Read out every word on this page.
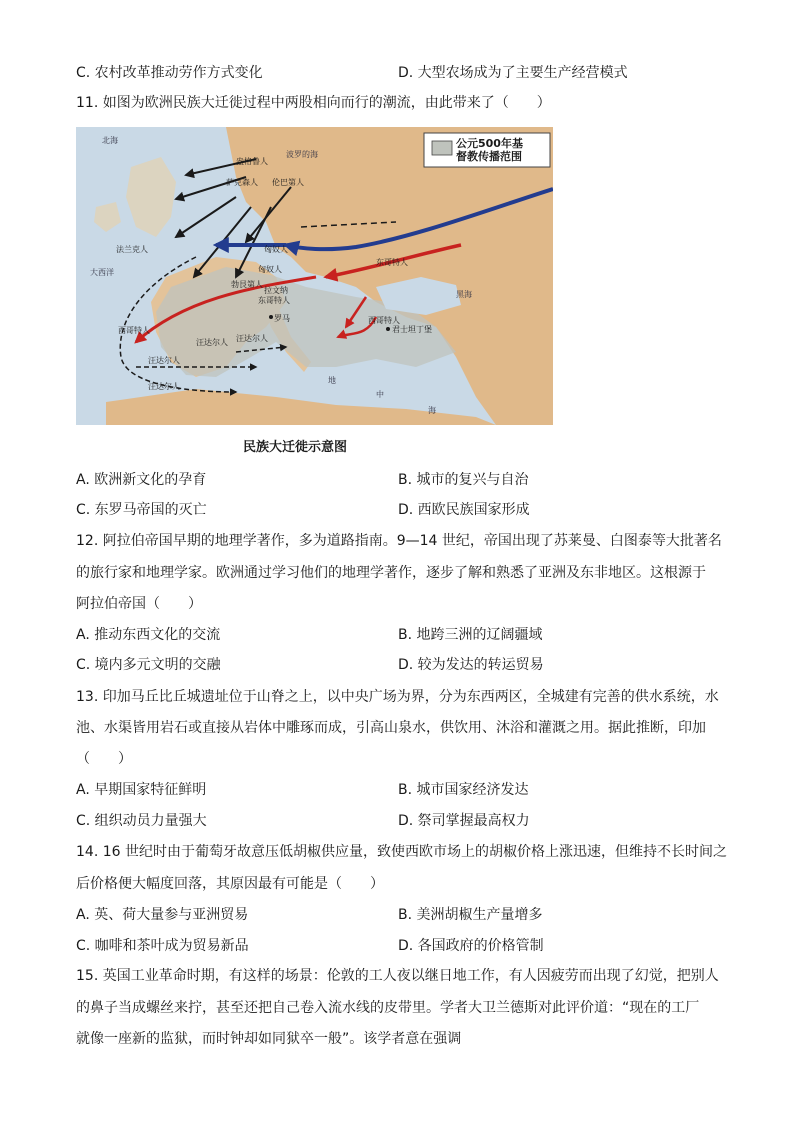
C. 农村改革推动劳作方式变化	D. 大型农场成为了主要生产经营模式
11. 如图为欧洲民族大迁徙过程中两股相向而行的潮流，由此带来了（　　）
公元500年基
督教传播范围
北海
波罗的海
大西洋
黑海
地
中
海
盎格鲁人
萨克森人 伦巴第人
法兰克人
勃艮第人
匈奴人
匈奴人
东哥特人
东哥特人
西哥特人
西哥特人
汪达尔人
汪达尔人 汪达尔人
汪达尔人
罗马
拉文纳
君士坦丁堡
民族大迁徙示意图
A. 欧洲新文化的孕育	B. 城市的复兴与自治
C. 东罗马帝国的灭亡	D. 西欧民族国家形成
12. 阿拉伯帝国早期的地理学著作，多为道路指南。9—14 世纪，帝国出现了苏莱曼、白图泰等大批著名
的旅行家和地理学家。欧洲通过学习他们的地理学著作，逐步了解和熟悉了亚洲及东非地区。这根源于
阿拉伯帝国（　　）
A. 推动东西文化的交流	B. 地跨三洲的辽阔疆域
C. 境内多元文明的交融	D. 较为发达的转运贸易
13. 印加马丘比丘城遗址位于山脊之上，以中央广场为界，分为东西两区，全城建有完善的供水系统，水
池、水渠皆用岩石或直接从岩体中雕琢而成，引高山泉水，供饮用、沐浴和灌溉之用。据此推断，印加
（　　）
A. 早期国家特征鲜明	B. 城市国家经济发达
C. 组织动员力量强大	D. 祭司掌握最高权力
14. 16 世纪时由于葡萄牙故意压低胡椒供应量，致使西欧市场上的胡椒价格上涨迅速，但维持不长时间之
后价格便大幅度回落，其原因最有可能是（　　）
A. 英、荷大量参与亚洲贸易	B. 美洲胡椒生产量增多
C. 咖啡和茶叶成为贸易新品	D. 各国政府的价格管制
15. 英国工业革命时期，有这样的场景：伦敦的工人夜以继日地工作，有人因疲劳而出现了幻觉，把别人
的鼻子当成螺丝来拧，甚至还把自己卷入流水线的皮带里。学者大卫兰德斯对此评价道：“现在的工厂
就像一座新的监狱，而时钟却如同狱卒一般”。该学者意在强调
